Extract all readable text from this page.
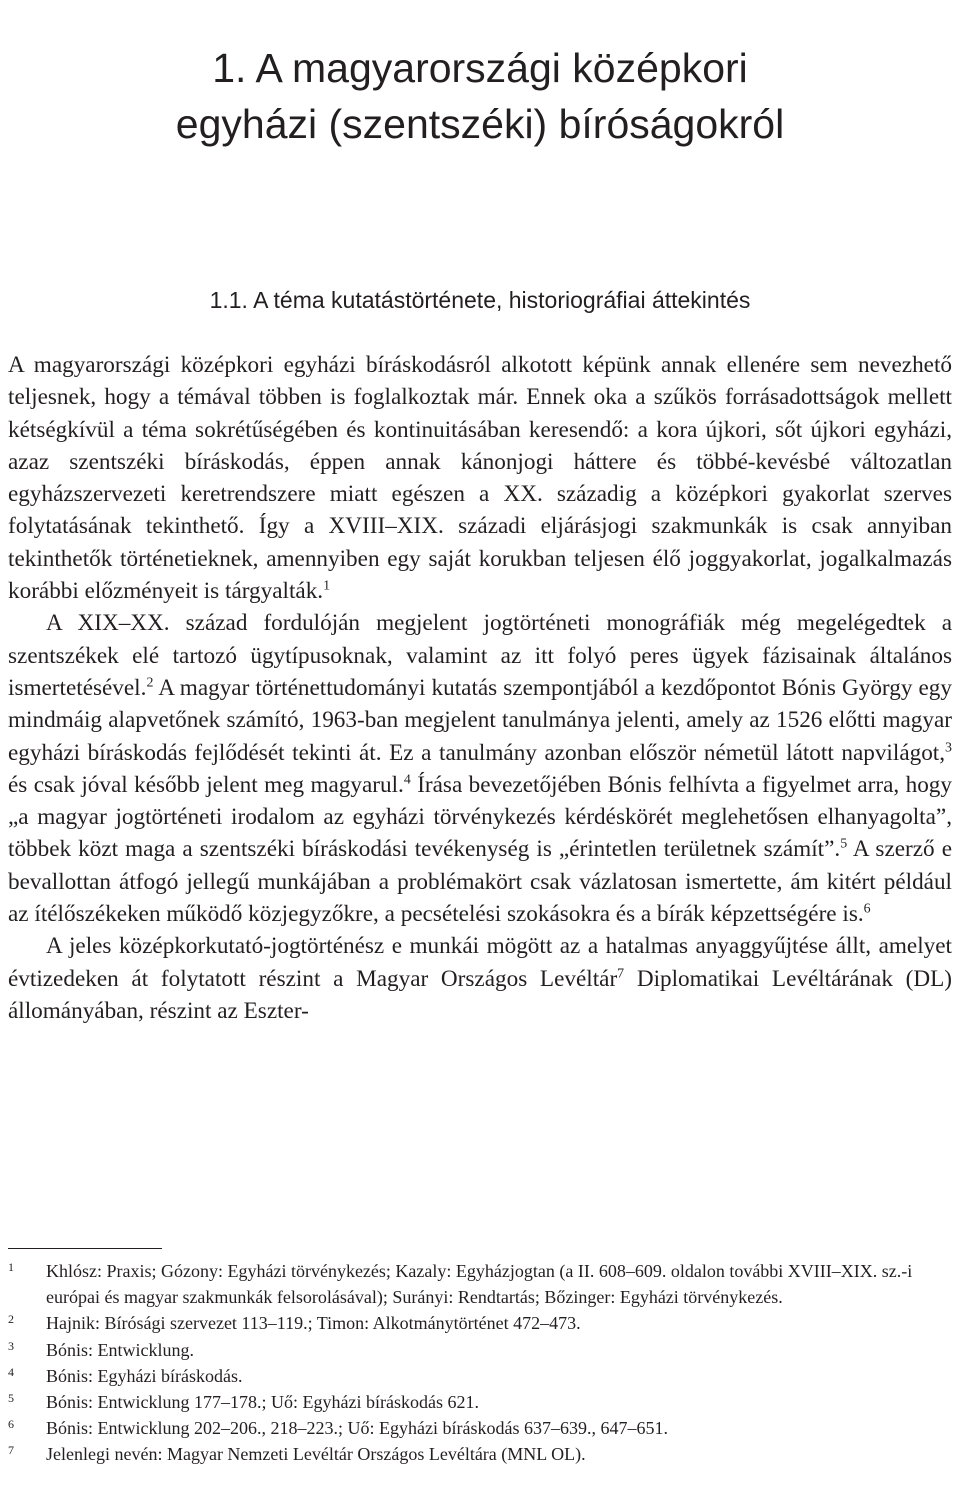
1. A magyarországi középkori
egyházi (szentszéki) bíróságokról
1.1. A téma kutatástörténete, historiográfiai áttekintés

A magyarországi középkori egyházi bíráskodásról alkotott képünk annak ellenére sem nevezhető teljesnek, hogy a témával többen is foglalkoztak már. Ennek oka a szűkös forrásadottságok mellett kétségkívül a téma sokrétűségében és kontinuitásában keresendő: a kora újkori, sőt újkori egyházi, azaz szentszéki bíráskodás, éppen annak kánonjogi háttere és többé-kevésbé változatlan egyházszervezeti keretrendszere miatt egészen a XX. századig a középkori gyakorlat szerves folytatásának tekinthető. Így a XVIII–XIX. századi eljárásjogi szakmunkák is csak annyiban tekinthetők történetieknek, amennyiben egy saját korukban teljesen élő joggyakorlat, jogalkalmazás korábbi előzményeit is tárgyalták.$^1$

A XIX–XX. század fordulóján megjelent jogtörténeti monográfiák még megelégedtek a szentszékek elé tartozó ügytípusoknak, valamint az itt folyó peres ügyek fázisainak általános ismertetésével.$^2$ A magyar történettudományi kutatás szempontjából a kezdőpontot Bónis György egy mindmáig alapvetőnek számító, 1963-ban megjelent tanulmánya jelenti, amely az 1526 előtti magyar egyházi bíráskodás fejlődését tekinti át. Ez a tanulmány azonban először németül látott napvilágot,$^3$ és csak jóval később jelent meg magyarul.$^4$ Írása bevezetőjében Bónis felhívta a figyelmet arra, hogy „a magyar jogtörténeti irodalom az egyházi törvénykezés kérdéskörét meglehetősen elhanyagolta”, többek közt maga a szentszéki bíráskodási tevékenység is „érintetlen területnek számít”.$^5$ A szerző e bevallottan átfogó jellegű munkájában a problémakört csak vázlatosan ismertette, ám kitért például az ítélőszékeken működő közjegyzőkre, a pecsételési szokásokra és a bírák képzettségére is.$^6$

A jeles középkorkutató-jogtörténész e munkái mögött az a hatalmas anyaggyűjtése állt, amelyet évtizedeken át folytatott részint a Magyar Országos Levéltár$^7$ Diplomatikai Levéltárának (DL) állományában, részint az Eszter-

1	Khlósz: Praxis; Gózony: Egyházi törvénykezés; Kazaly: Egyházjogtan (a II. 608–609. oldalon további XVIII–XIX. sz.-i európai és magyar szakmunkák felsorolásával); Surányi: Rendtartás; Bőzinger: Egyházi törvénykezés.
2	Hajnik: Bírósági szervezet 113–119.; Timon: Alkotmánytörténet 472–473.
3	Bónis: Entwicklung.
4	Bónis: Egyházi bíráskodás.
5	Bónis: Entwicklung 177–178.; Uő: Egyházi bíráskodás 621.
6	Bónis: Entwicklung 202–206., 218–223.; Uő: Egyházi bíráskodás 637–639., 647–651.
7	Jelenlegi nevén: Magyar Nemzeti Levéltár Országos Levéltára (MNL OL).
